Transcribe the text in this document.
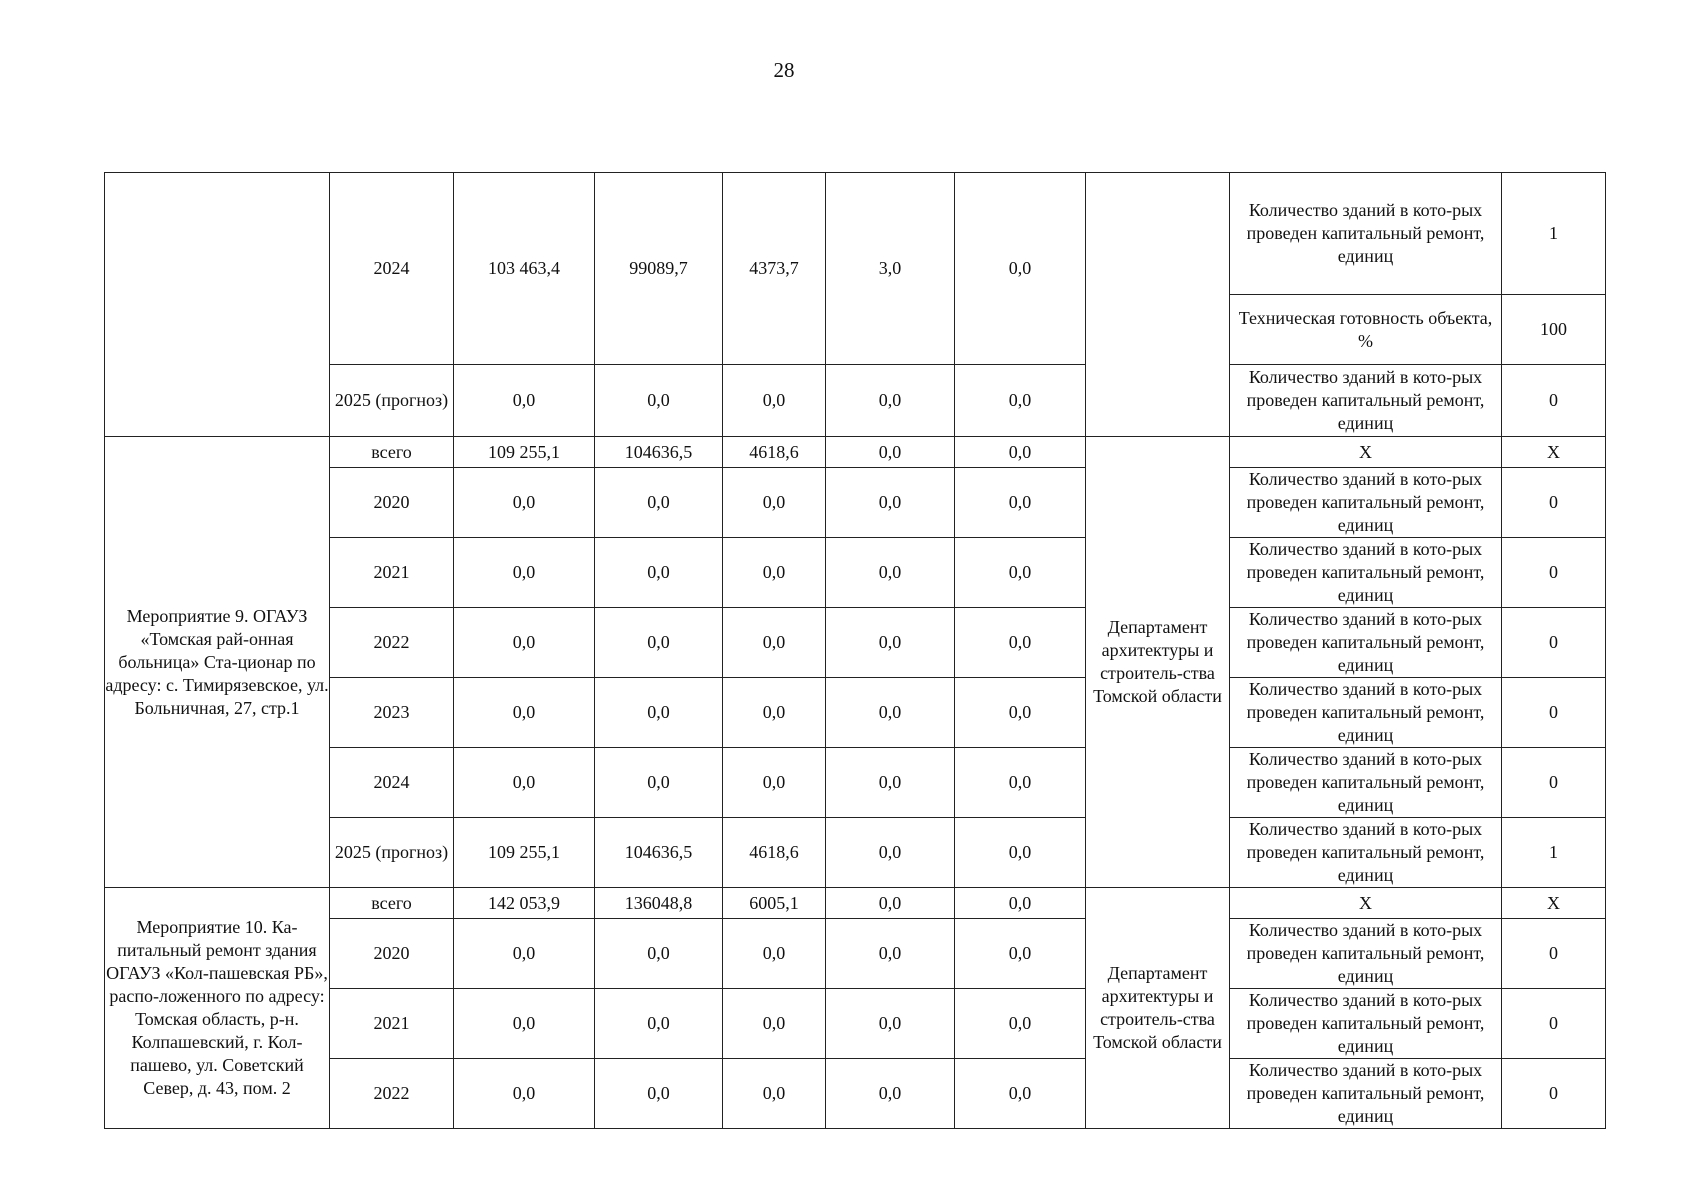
28
	2024	103 463,4	99089,7	4373,7	3,0	0,0		Количество зданий в кото-рых проведен капитальный ремонт, единиц	1
								Техническая готовность объекта, %	100
	2025 (прогноз)	0,0	0,0	0,0	0,0	0,0		Количество зданий в кото-рых проведен капитальный ремонт, единиц	0
Мероприятие 9. ОГАУЗ «Томская рай-онная больница» Ста-ционар по адресу: с. Тимирязевское, ул. Больничная, 27, стр.1	всего	109 255,1	104636,5	4618,6	0,0	0,0	Департамент архитектуры и строитель-ства Томской области	Х	Х
	2020	0,0	0,0	0,0	0,0	0,0		Количество зданий в кото-рых проведен капитальный ремонт, единиц	0
	2021	0,0	0,0	0,0	0,0	0,0		Количество зданий в кото-рых проведен капитальный ремонт, единиц	0
	2022	0,0	0,0	0,0	0,0	0,0		Количество зданий в кото-рых проведен капитальный ремонт, единиц	0
	2023	0,0	0,0	0,0	0,0	0,0		Количество зданий в кото-рых проведен капитальный ремонт, единиц	0
	2024	0,0	0,0	0,0	0,0	0,0		Количество зданий в кото-рых проведен капитальный ремонт, единиц	0
	2025 (прогноз)	109 255,1	104636,5	4618,6	0,0	0,0		Количество зданий в кото-рых проведен капитальный ремонт, единиц	1
Мероприятие 10. Ка-питальный ремонт здания ОГАУЗ «Кол-пашевская РБ», распо-ложенного по адресу: Томская область, р-н. Колпашевский, г. Кол-пашево, ул. Советский Север, д. 43, пом. 2	всего	142 053,9	136048,8	6005,1	0,0	0,0	Департамент архитектуры и строитель-ства Томской области	Х	Х
	2020	0,0	0,0	0,0	0,0	0,0		Количество зданий в кото-рых проведен капитальный ремонт, единиц	0
	2021	0,0	0,0	0,0	0,0	0,0		Количество зданий в кото-рых проведен капитальный ремонт, единиц	0
	2022	0,0	0,0	0,0	0,0	0,0		Количество зданий в кото-рых проведен капитальный ремонт, единиц	0
